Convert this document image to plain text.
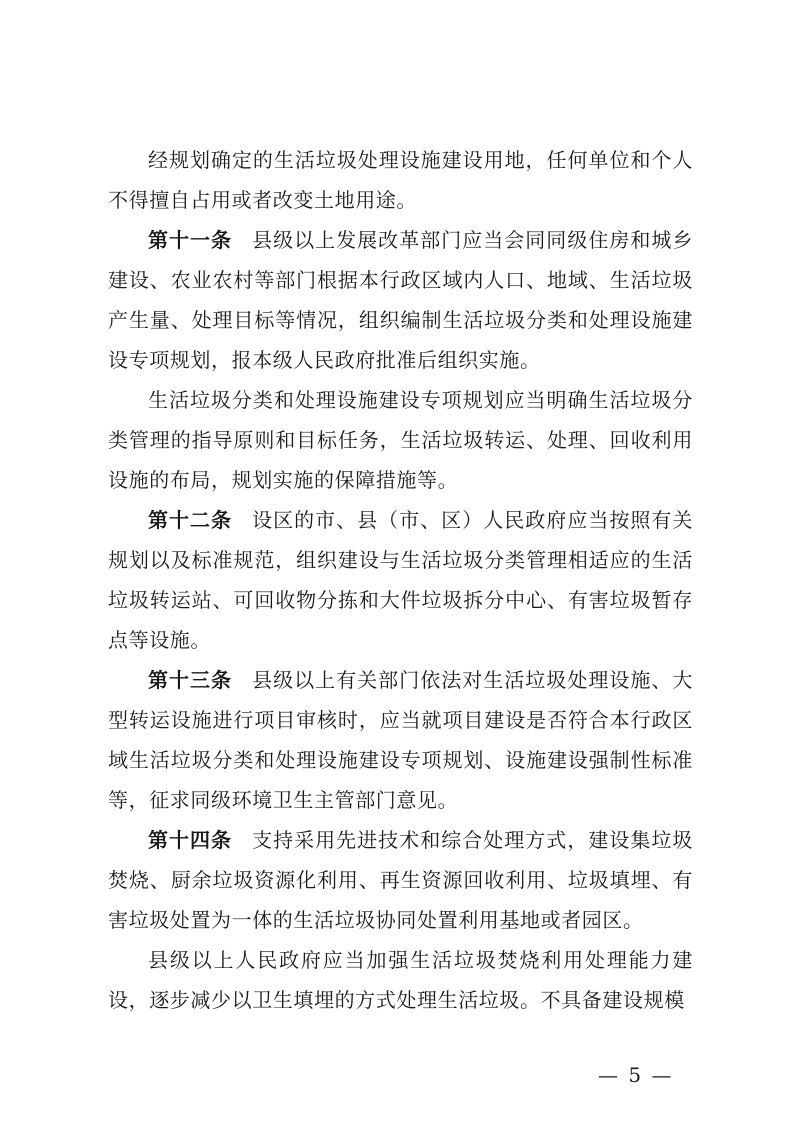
经规划确定的生活垃圾处理设施建设用地，任何单位和个人不得擅自占用或者改变土地用途。

第十一条 县级以上发展改革部门应当会同同级住房和城乡建设、农业农村等部门根据本行政区域内人口、地域、生活垃圾产生量、处理目标等情况，组织编制生活垃圾分类和处理设施建设专项规划，报本级人民政府批准后组织实施。

生活垃圾分类和处理设施建设专项规划应当明确生活垃圾分类管理的指导原则和目标任务，生活垃圾转运、处理、回收利用设施的布局，规划实施的保障措施等。

第十二条 设区的市、县（市、区）人民政府应当按照有关规划以及标准规范，组织建设与生活垃圾分类管理相适应的生活垃圾转运站、可回收物分拣和大件垃圾拆分中心、有害垃圾暂存点等设施。

第十三条 县级以上有关部门依法对生活垃圾处理设施、大型转运设施进行项目审核时，应当就项目建设是否符合本行政区域生活垃圾分类和处理设施建设专项规划、设施建设强制性标准等，征求同级环境卫生主管部门意见。

第十四条 支持采用先进技术和综合处理方式，建设集垃圾焚烧、厨余垃圾资源化利用、再生资源回收利用、垃圾填埋、有害垃圾处置为一体的生活垃圾协同处置利用基地或者园区。

县级以上人民政府应当加强生活垃圾焚烧利用处理能力建设，逐步减少以卫生填埋的方式处理生活垃圾。不具备建设规模

— 5 —
